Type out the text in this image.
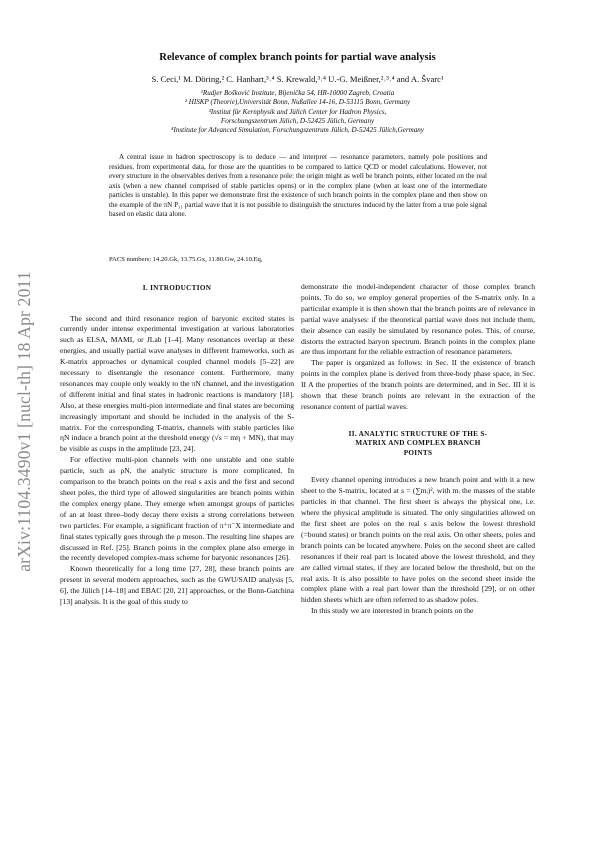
arXiv:1104.3490v1 [nucl-th] 18 Apr 2011
Relevance of complex branch points for partial wave analysis
S. Ceci,¹ M. Döring,² C. Hanhart,³˒⁴ S. Krewald,³˒⁴ U.-G. Meißner,²˒³˒⁴ and A. Švarc¹
¹Rudjer Bošković Institute, Bijenička 54, HR-10000 Zagreb, Croatia
² HISKP (Theorie),Universität Bonn, Nußallee 14-16, D-53115 Bonn, Germany
³Institut für Kernphysik and Jülich Center for Hadron Physics,
Forschungszentrum Jülich, D-52425 Jülich, Germany
⁴Institute for Advanced Simulation, Forschungszentrum Jülich, D-52425 Jülich,Germany
A central issue in hadron spectroscopy is to deduce — and interpret — resonance parameters, namely pole positions and residues, from experimental data, for those are the quantities to be compared to lattice QCD or model calculations. However, not every structure in the observables derives from a resonance pole: the origin might as well be branch points, either located on the real axis (when a new channel comprised of stable particles opens) or in the complex plane (when at least one of the intermediate particles is unstable). In this paper we demonstrate first the existence of such branch points in the complex plane and then show on the example of the πN P₁₁ partial wave that it is not possible to distinguish the structures induced by the latter from a true pole signal based on elastic data alone.
PACS numbers: 14.20.Gk, 13.75.Gx, 11.80.Gw, 24.10.Eq,
I. INTRODUCTION

The second and third resonance region of baryonic excited states is currently under intense experimental investigation at various laboratories such as ELSA, MAMI, or JLab [1–4]. Many resonances overlap at these energies, and usually partial wave analyses in different frameworks, such as K-matrix approaches or dynamical coupled channel models [5–22] are necessary to disentangle the resonance content. Furthermore, many resonances may couple only weakly to the πN channel, and the investigation of different initial and final states in hadronic reactions is mandatory [18]. Also, at these energies multi-pion intermediate and final states are becoming increasingly important and should be included in the analysis of the S-matrix. For the corresponding T-matrix, channels with stable particles like ηN induce a branch point at the threshold energy (√s = mη + MN), that may be visible as cusps in the amplitude [23, 24].

For effective multi-pion channels with one unstable and one stable particle, such as ρN, the analytic structure is more complicated. In comparison to the branch points on the real s axis and the first and second sheet poles, the third type of allowed singularities are branch points within the complex energy plane. They emerge when amongst groups of particles of an at least three–body decay there exists a strong correlations between two particles. For example, a significant fraction of π⁺π⁻X intermediate and final states typically goes through the ρ meson. The resulting line shapes are discussed in Ref. [25]. Branch points in the complex plane also emerge in the recently developed complex-mass scheme for baryonic resonances [26].

Known theoretically for a long time [27, 28], these branch points are present in several modern approaches, such as the GWU/SAID analysis [5, 6], the Jülich [14–18] and EBAC [20, 21] approaches, or the Bonn-Gatchina [13] analysis. It is the goal of this study to

demonstrate the model-independent character of those complex branch points. To do so, we employ general properties of the S-matrix only. In a particular example it is then shown that the branch points are of relevance in partial wave analyses: if the theoretical partial wave does not include them, their absence can easily be simulated by resonance poles. This, of course, distorts the extracted baryon spectrum. Branch points in the complex plane are thus important for the reliable extraction of resonance parameters.

The paper is organized as follows: in Sec. II the existence of branch points in the complex plane is derived from three-body phase space, in Sec. II A the properties of the branch points are determined, and in Sec. III it is shown that these branch points are relevant in the extraction of the resonance content of partial waves.

II. ANALYTIC STRUCTURE OF THE S-MATRIX AND COMPLEX BRANCH POINTS

Every channel opening introduces a new branch point and with it a new sheet to the S-matrix, located at s = (∑mᵢ)², with mᵢ the masses of the stable particles in that channel. The first sheet is always the physical one, i.e. where the physical amplitude is situated. The only singularities allowed on the first sheet are poles on the real s axis below the lowest threshold (=bound states) or branch points on the real axis. On other sheets, poles and branch points can be located anywhere. Poles on the second sheet are called resonances if their real part is located above the lowest threshold, and they are called virtual states, if they are located below the threshold, but on the real axis. It is also possible to have poles on the second sheet inside the complex plane with a real part lower than the threshold [29], or on other hidden sheets which are often referred to as shadow poles.

In this study we are interested in branch points on the
